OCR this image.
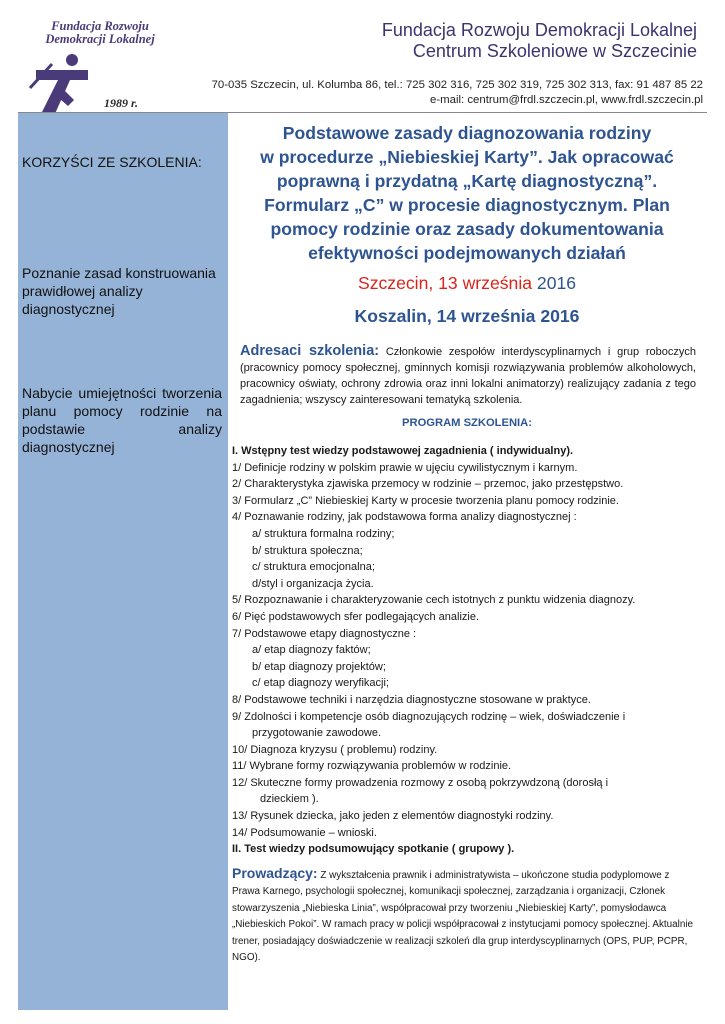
Fundacja Rozwoju
Demokracji Lokalnej
1989 r.
Fundacja Rozwoju Demokracji Lokalnej
Centrum Szkoleniowe w Szczecinie
70-035 Szczecin, ul. Kolumba 86, tel.: 725 302 316, 725 302 319, 725 302 313, fax: 91 487 85 22
e-mail: centrum@frdl.szczecin.pl, www.frdl.szczecin.pl
KORZYŚCI ZE SZKOLENIA:
Poznanie zasad konstruowania prawidłowej analizy diagnostycznej
Nabycie umiejętności tworzenia planu pomocy rodzinie na podstawie analizy diagnostycznej
Podstawowe zasady diagnozowania rodziny
w procedurze „Niebieskiej Karty”. Jak opracować
poprawną i przydatną „Kartę diagnostyczną”.
Formularz „C” w procesie diagnostycznym. Plan
pomocy rodzinie oraz zasady dokumentowania
efektywności podejmowanych działań
Szczecin, 13 września 2016
Koszalin, 14 września 2016
Adresaci szkolenia: Członkowie zespołów interdyscyplinarnych i grup roboczych (pracownicy pomocy społecznej, gminnych komisji rozwiązywania problemów alkoholowych, pracownicy oświaty, ochrony zdrowia oraz inni lokalni animatorzy) realizujący zadania z tego zagadnienia; wszyscy zainteresowani tematyką szkolenia.
PROGRAM SZKOLENIA:
I. Wstępny test wiedzy podstawowej zagadnienia ( indywidualny).
1/ Definicje rodziny w polskim prawie w ujęciu cywilistycznym i karnym.
2/ Charakterystyka zjawiska przemocy w rodzinie – przemoc, jako przestępstwo.
3/ Formularz „C” Niebieskiej Karty w procesie tworzenia planu pomocy rodzinie.
4/ Poznawanie rodziny, jak podstawowa forma analizy diagnostycznej :
a/ struktura formalna rodziny;
b/ struktura społeczna;
c/ struktura emocjonalna;
d/styl i organizacja życia.
5/ Rozpoznawanie i charakteryzowanie cech istotnych z punktu widzenia diagnozy.
6/ Pięć podstawowych sfer podlegających analizie.
7/ Podstawowe etapy diagnostyczne :
a/ etap diagnozy faktów;
b/ etap diagnozy projektów;
c/ etap diagnozy weryfikacji;
8/ Podstawowe techniki i narzędzia diagnostyczne stosowane w praktyce.
9/ Zdolności i kompetencje osób diagnozujących rodzinę – wiek, doświadczenie i
przygotowanie zawodowe.
10/ Diagnoza kryzysu ( problemu) rodziny.
11/ Wybrane formy rozwiązywania problemów w rodzinie.
12/ Skuteczne formy prowadzenia rozmowy z osobą pokrzywdzoną (dorosłą i
dzieckiem ).
13/ Rysunek dziecka, jako jeden z elementów diagnostyki rodziny.
14/ Podsumowanie – wnioski.
II. Test wiedzy podsumowujący spotkanie ( grupowy ).
Prowadzący: Z wykształcenia prawnik i administratywista – ukończone studia podyplomowe z Prawa Karnego, psychologii społecznej, komunikacji społecznej, zarządzania i organizacji, Członek stowarzyszenia „Niebieska Linia”, współpracował przy tworzeniu „Niebieskiej Karty”, pomysłodawca „Niebieskich Pokoi”. W ramach pracy w policji współpracował z instytucjami pomocy społecznej. Aktualnie trener, posiadający doświadczenie w realizacji szkoleń dla grup interdyscyplinarnych (OPS, PUP, PCPR, NGO).
